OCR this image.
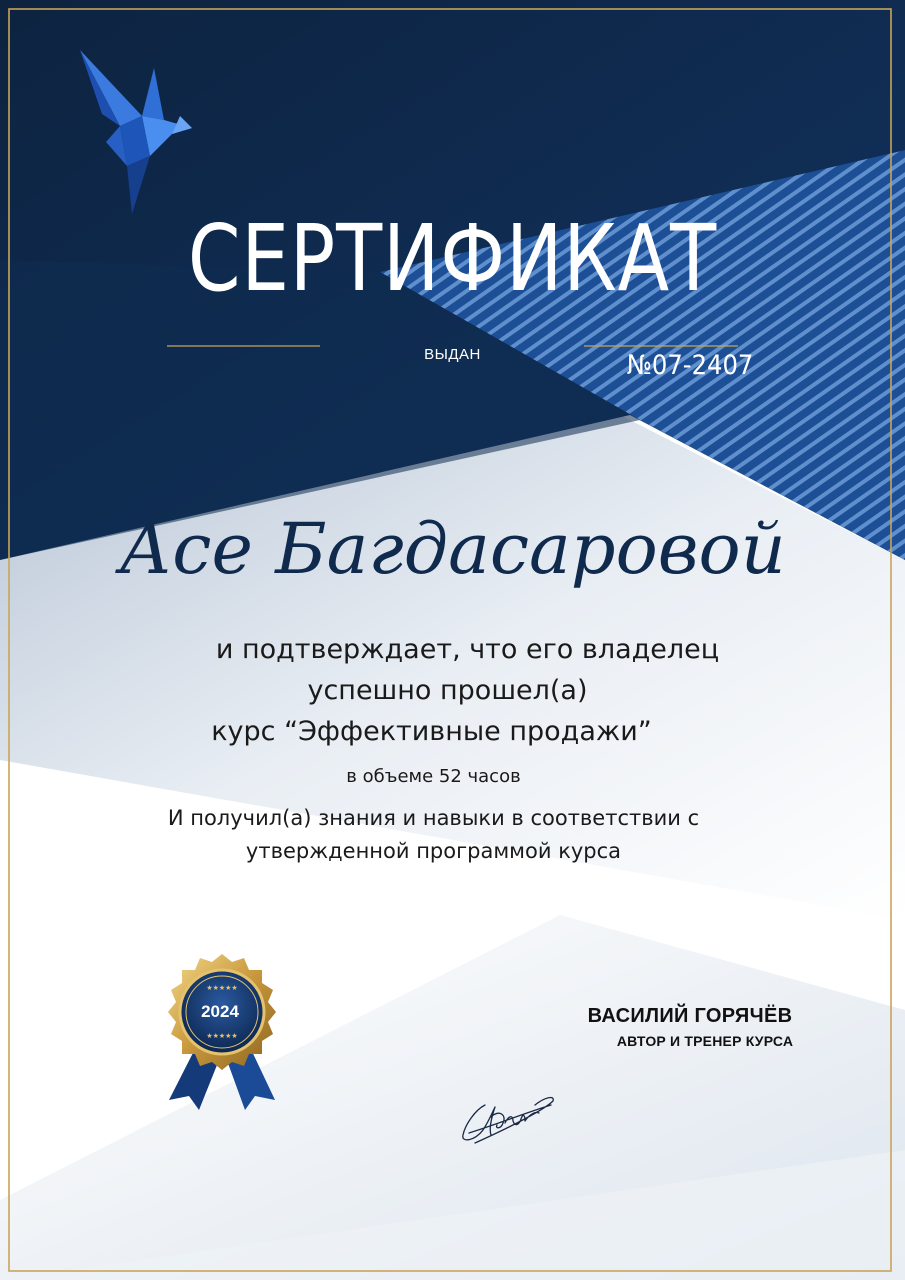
СЕРТИФИКАТ
ВЫДАН	№07-2407
Асе Багдасаровой
и подтверждает, что его владелец
успешно прошел(а)
курс “Эффективные продажи”
в объеме 52 часов
И получил(а) знания и навыки в соответствии с
утвержденной программой курса
★★★★★
★★★★★
2024	ВАСИЛИЙ ГОРЯЧЁВ
АВТОР И ТРЕНЕР КУРСА
